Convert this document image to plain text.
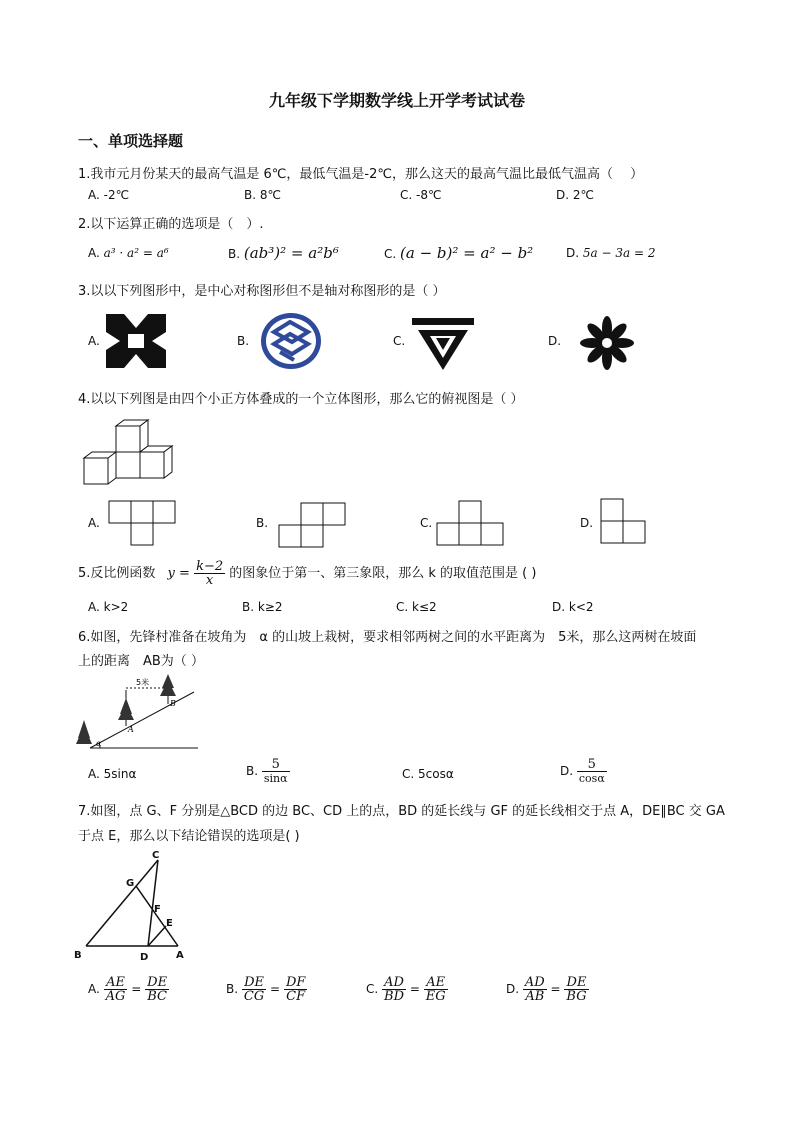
九年级下学期数学线上开学考试试卷
一、单项选择题
1.我市元月份某天的最高气温是 6℃，最低气温是-2℃，那么这天的最高气温比最低气温高（　 ）
A. -2℃	B. 8℃	C. -8℃	D. 2℃
2.以下运算正确的选项是（　）.
A. a³ · a² = a⁶	B. (ab³)² = a²b⁶	C. (a − b)² = a² − b²	D. 5a − 3a = 2
3.以以下列图形中，是中心对称图形但不是轴对称图形的是（ ）
A.	B.	C.	D.
4.以以下列图是由四个小正方体叠成的一个立体图形，那么它的俯视图是（ ）
A.	B.	C.	D.
5.反比例函数 $y = \frac{k-2}{x}$ 的图象位于第一、第三象限，那么 k 的取值范围是 ( )
A. k>2	B. k≥2	C. k≤2	D. k<2
6.如图，先锋村准备在坡角为　α 的山坡上栽树，要求相邻两树之间的水平距离为　5米，那么这两树在坡面
上的距离　AB为（ ）
5米
A
B
α
A. 5sinα	B. $\frac{5}{\sin\alpha}$	C. 5cosα	D. $\frac{5}{\cos\alpha}$
7.如图，点 G、F 分别是△BCD 的边 BC、CD 上的点，BD 的延长线与 GF 的延长线相交于点 A，DE∥BC 交 GA
于点 E，那么以下结论错误的选项是( )
C
G
F
E
B	D	A
A. $\frac{AE}{AG} = \frac{DE}{BC}$	B. $\frac{DE}{CG} = \frac{DF}{CF}$	C. $\frac{AD}{BD} = \frac{AE}{EG}$	D. $\frac{AD}{AB} = \frac{DE}{BG}$
